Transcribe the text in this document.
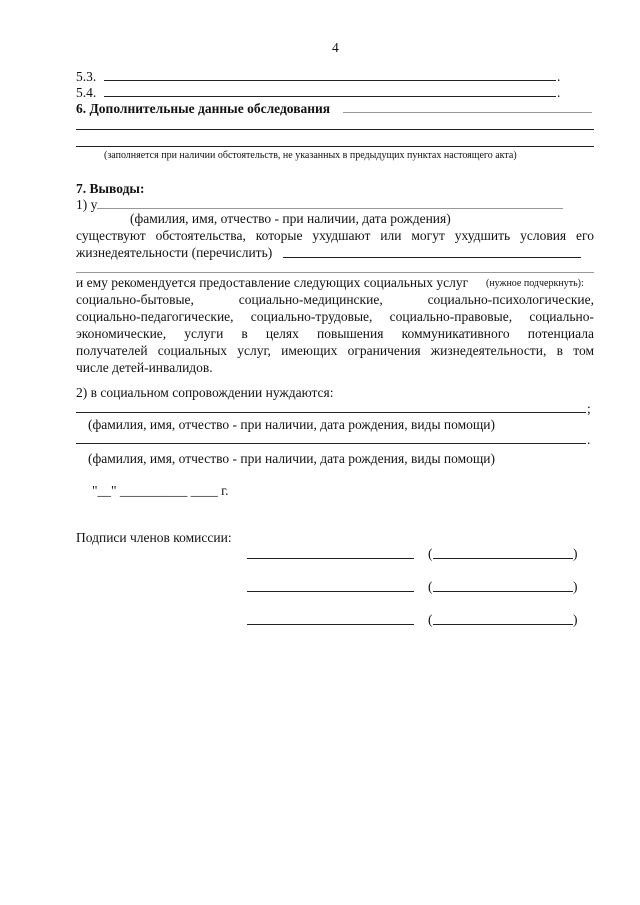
4
5.3.	.
5.4.	.
6. Дополнительные данные обследования
(заполняется при наличии обстоятельств, не указанных в предыдущих пунктах настоящего акта)
7. Выводы:
1) у
(фамилия, имя, отчество - при наличии, дата рождения)
существуют обстоятельства, которые ухудшают или могут ухудшить условия его
жизнедеятельности (перечислить)
и ему рекомендуется предоставление следующих социальных услуг (нужное подчеркнуть):
социально-бытовые, социально-медицинские, социально-психологические,
социально-педагогические, социально-трудовые, социально-правовые, социально-
экономические, услуги в целях повышения коммуникативного потенциала
получателей социальных услуг, имеющих ограничения жизнедеятельности, в том
числе детей-инвалидов.
2) в социальном сопровождении нуждаются:
;
(фамилия, имя, отчество - при наличии, дата рождения, виды помощи)
.
(фамилия, имя, отчество - при наличии, дата рождения, виды помощи)
"__" __________ ____ г.
Подписи членов комиссии:
(	)
(	)
(	)
